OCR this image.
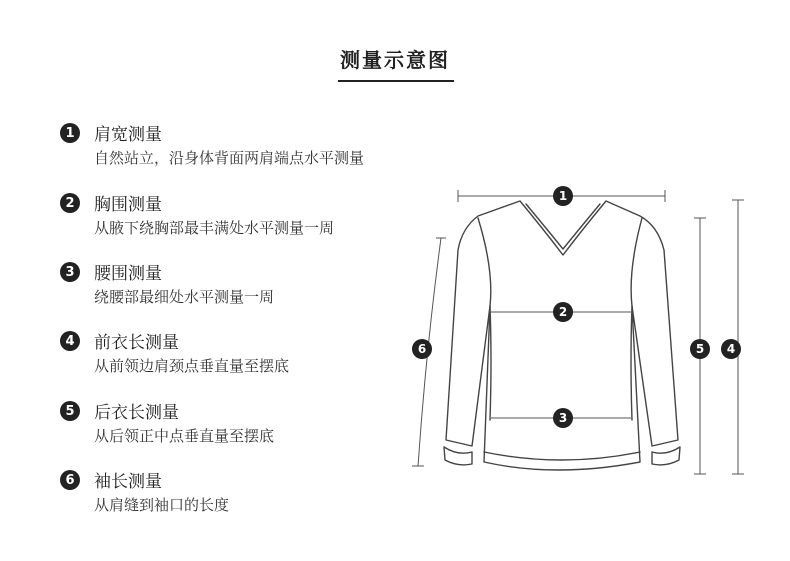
测量示意图
1	肩宽测量
自然站立，沿身体背面两肩端点水平测量
2	胸围测量
从腋下绕胸部最丰满处水平测量一周
3	腰围测量
绕腰部最细处水平测量一周
4	前衣长测量
从前领边肩颈点垂直量至摆底
5	后衣长测量
从后领正中点垂直量至摆底
6	袖长测量
从肩缝到袖口的长度
1
2
3
6	5 4
